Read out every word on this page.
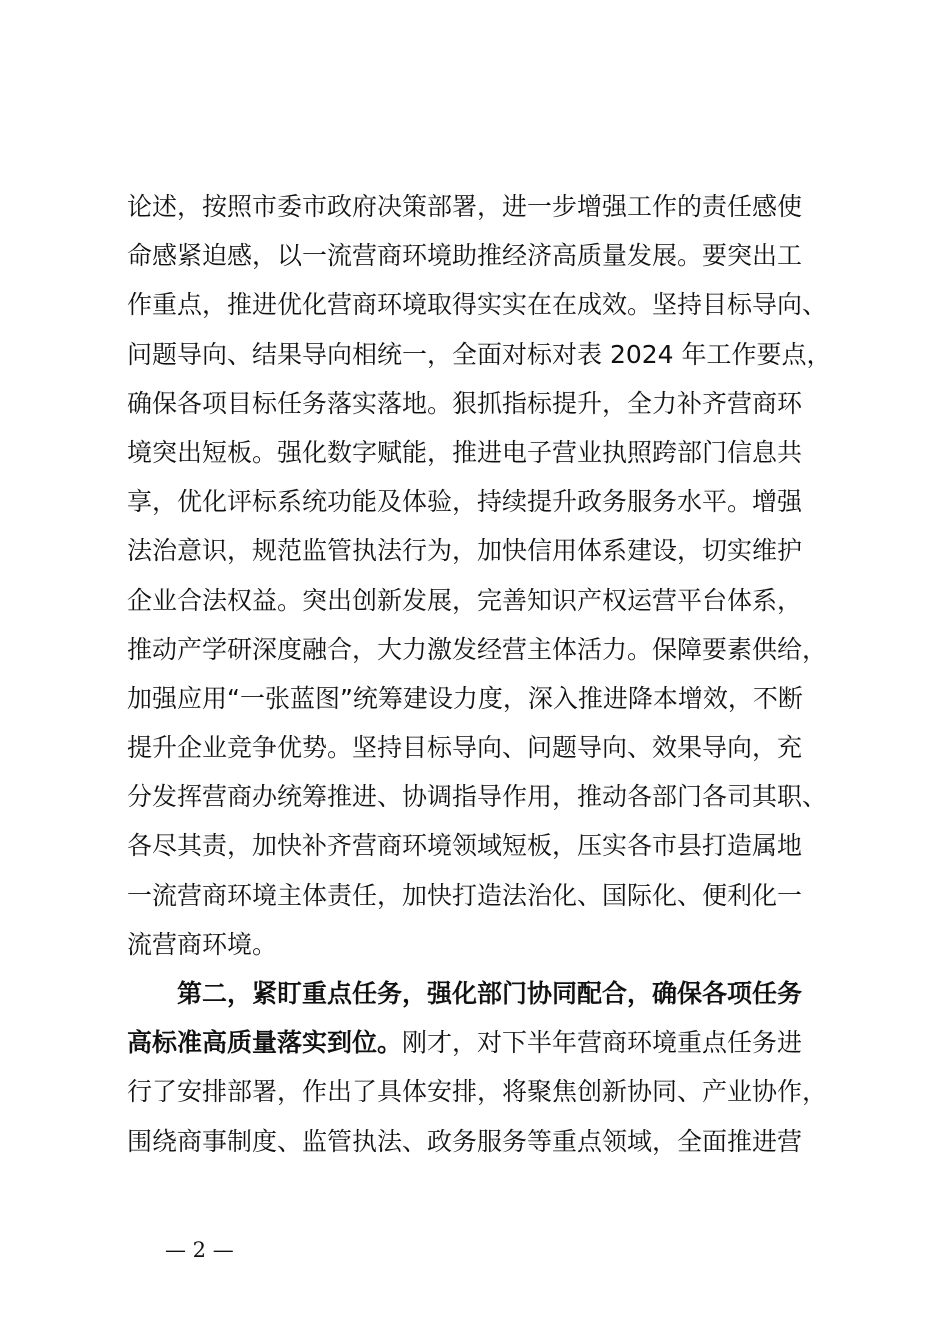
论述，按照市委市政府决策部署，进一步增强工作的责任感使
命感紧迫感，以一流营商环境助推经济高质量发展。要突出工
作重点，推进优化营商环境取得实实在在成效。坚持目标导向、
问题导向、结果导向相统一，全面对标对表 2024 年工作要点，
确保各项目标任务落实落地。狠抓指标提升，全力补齐营商环
境突出短板。强化数字赋能，推进电子营业执照跨部门信息共
享，优化评标系统功能及体验，持续提升政务服务水平。增强
法治意识，规范监管执法行为，加快信用体系建设，切实维护
企业合法权益。突出创新发展，完善知识产权运营平台体系，
推动产学研深度融合，大力激发经营主体活力。保障要素供给，
加强应用“一张蓝图”统筹建设力度，深入推进降本增效，不断
提升企业竞争优势。坚持目标导向、问题导向、效果导向，充
分发挥营商办统筹推进、协调指导作用，推动各部门各司其职、
各尽其责，加快补齐营商环境领域短板，压实各市县打造属地
一流营商环境主体责任，加快打造法治化、国际化、便利化一
流营商环境。
第二，紧盯重点任务，强化部门协同配合，确保各项任务
高标准高质量落实到位。刚才，对下半年营商环境重点任务进
行了安排部署，作出了具体安排，将聚焦创新协同、产业协作，
围绕商事制度、监管执法、政务服务等重点领域，全面推进营
— 2 —
